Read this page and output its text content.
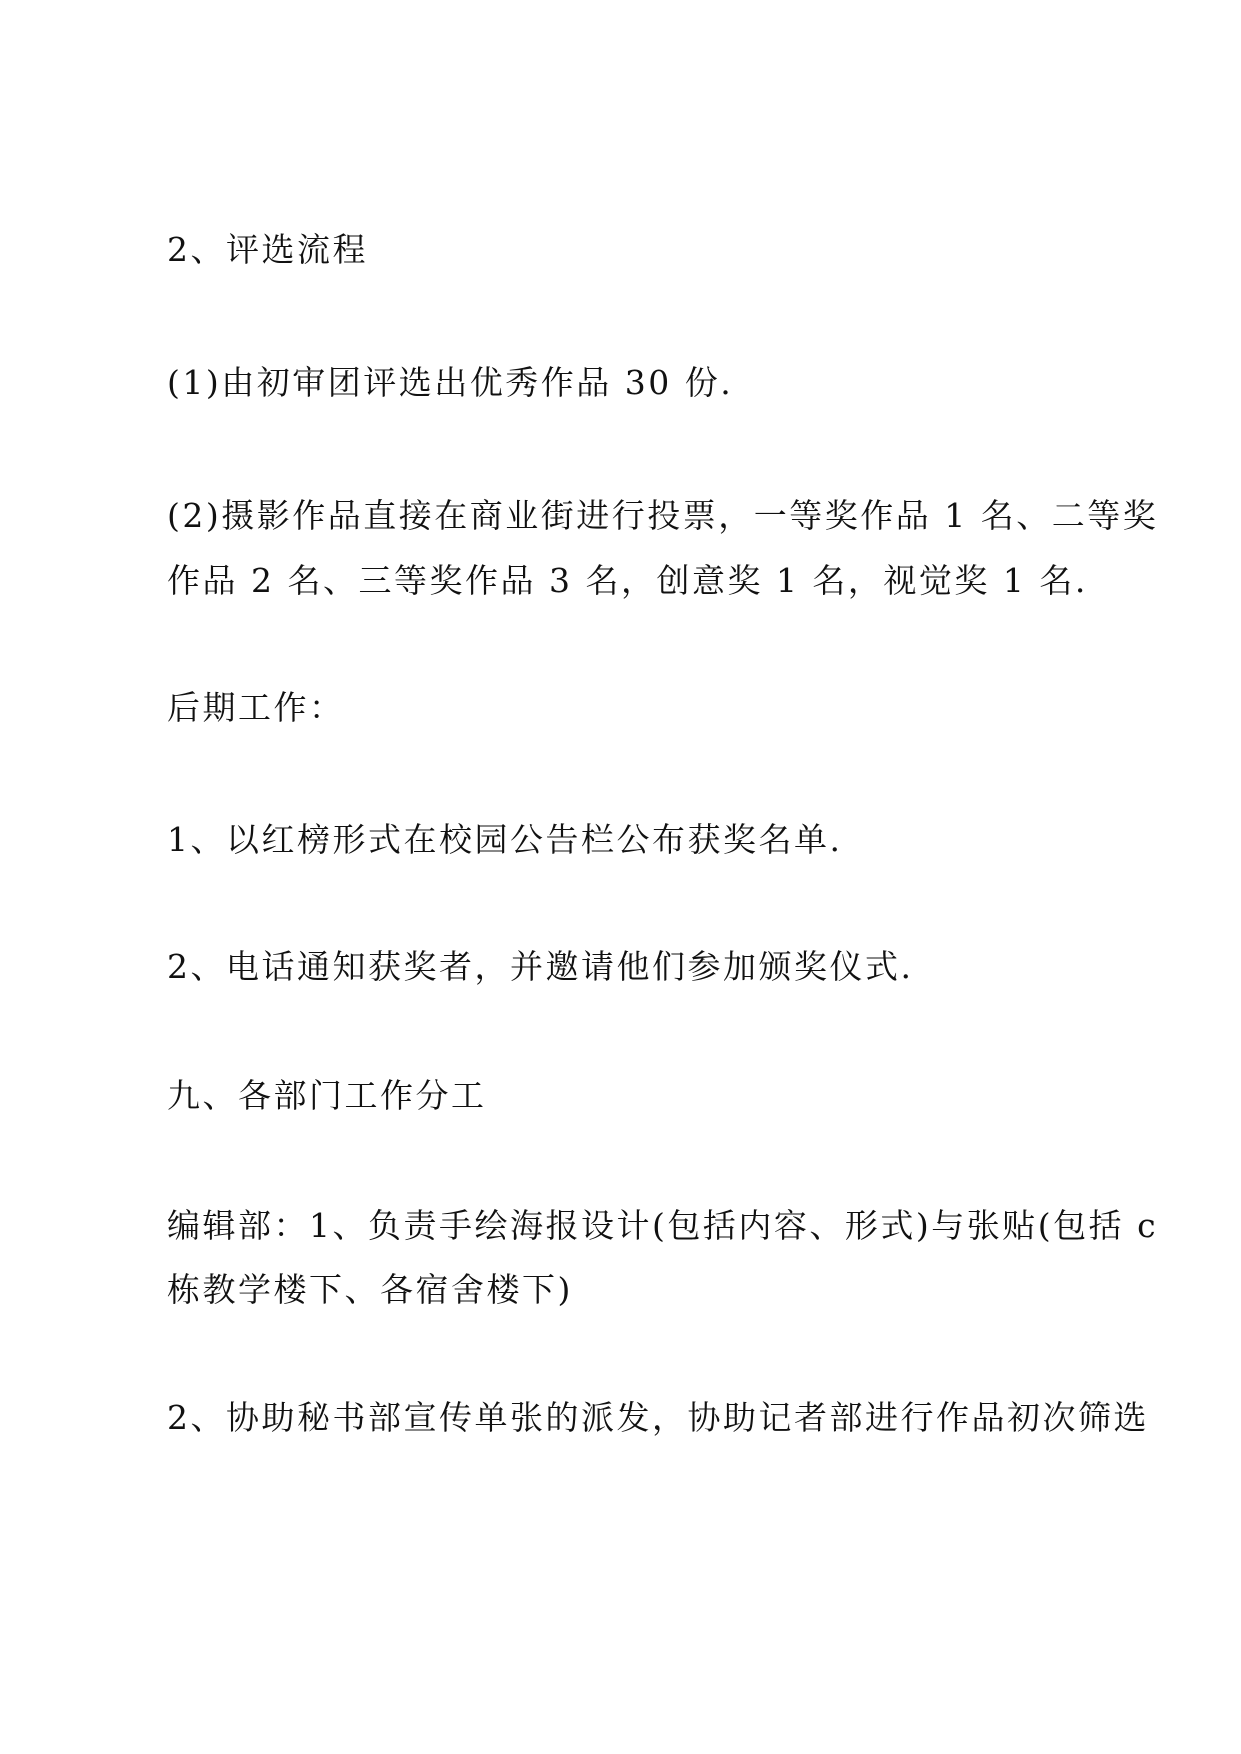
2、评选流程

(1)由初审团评选出优秀作品 30 份.

(2)摄影作品直接在商业街进行投票，一等奖作品 1 名、二等奖

作品 2 名、三等奖作品 3 名，创意奖 1 名，视觉奖 1 名.

后期工作：

1、以红榜形式在校园公告栏公布获奖名单.

2、电话通知获奖者，并邀请他们参加颁奖仪式.

九、各部门工作分工

编辑部：1、负责手绘海报设计(包括内容、形式)与张贴(包括 c

栋教学楼下、各宿舍楼下)

2、协助秘书部宣传单张的派发，协助记者部进行作品初次筛选
